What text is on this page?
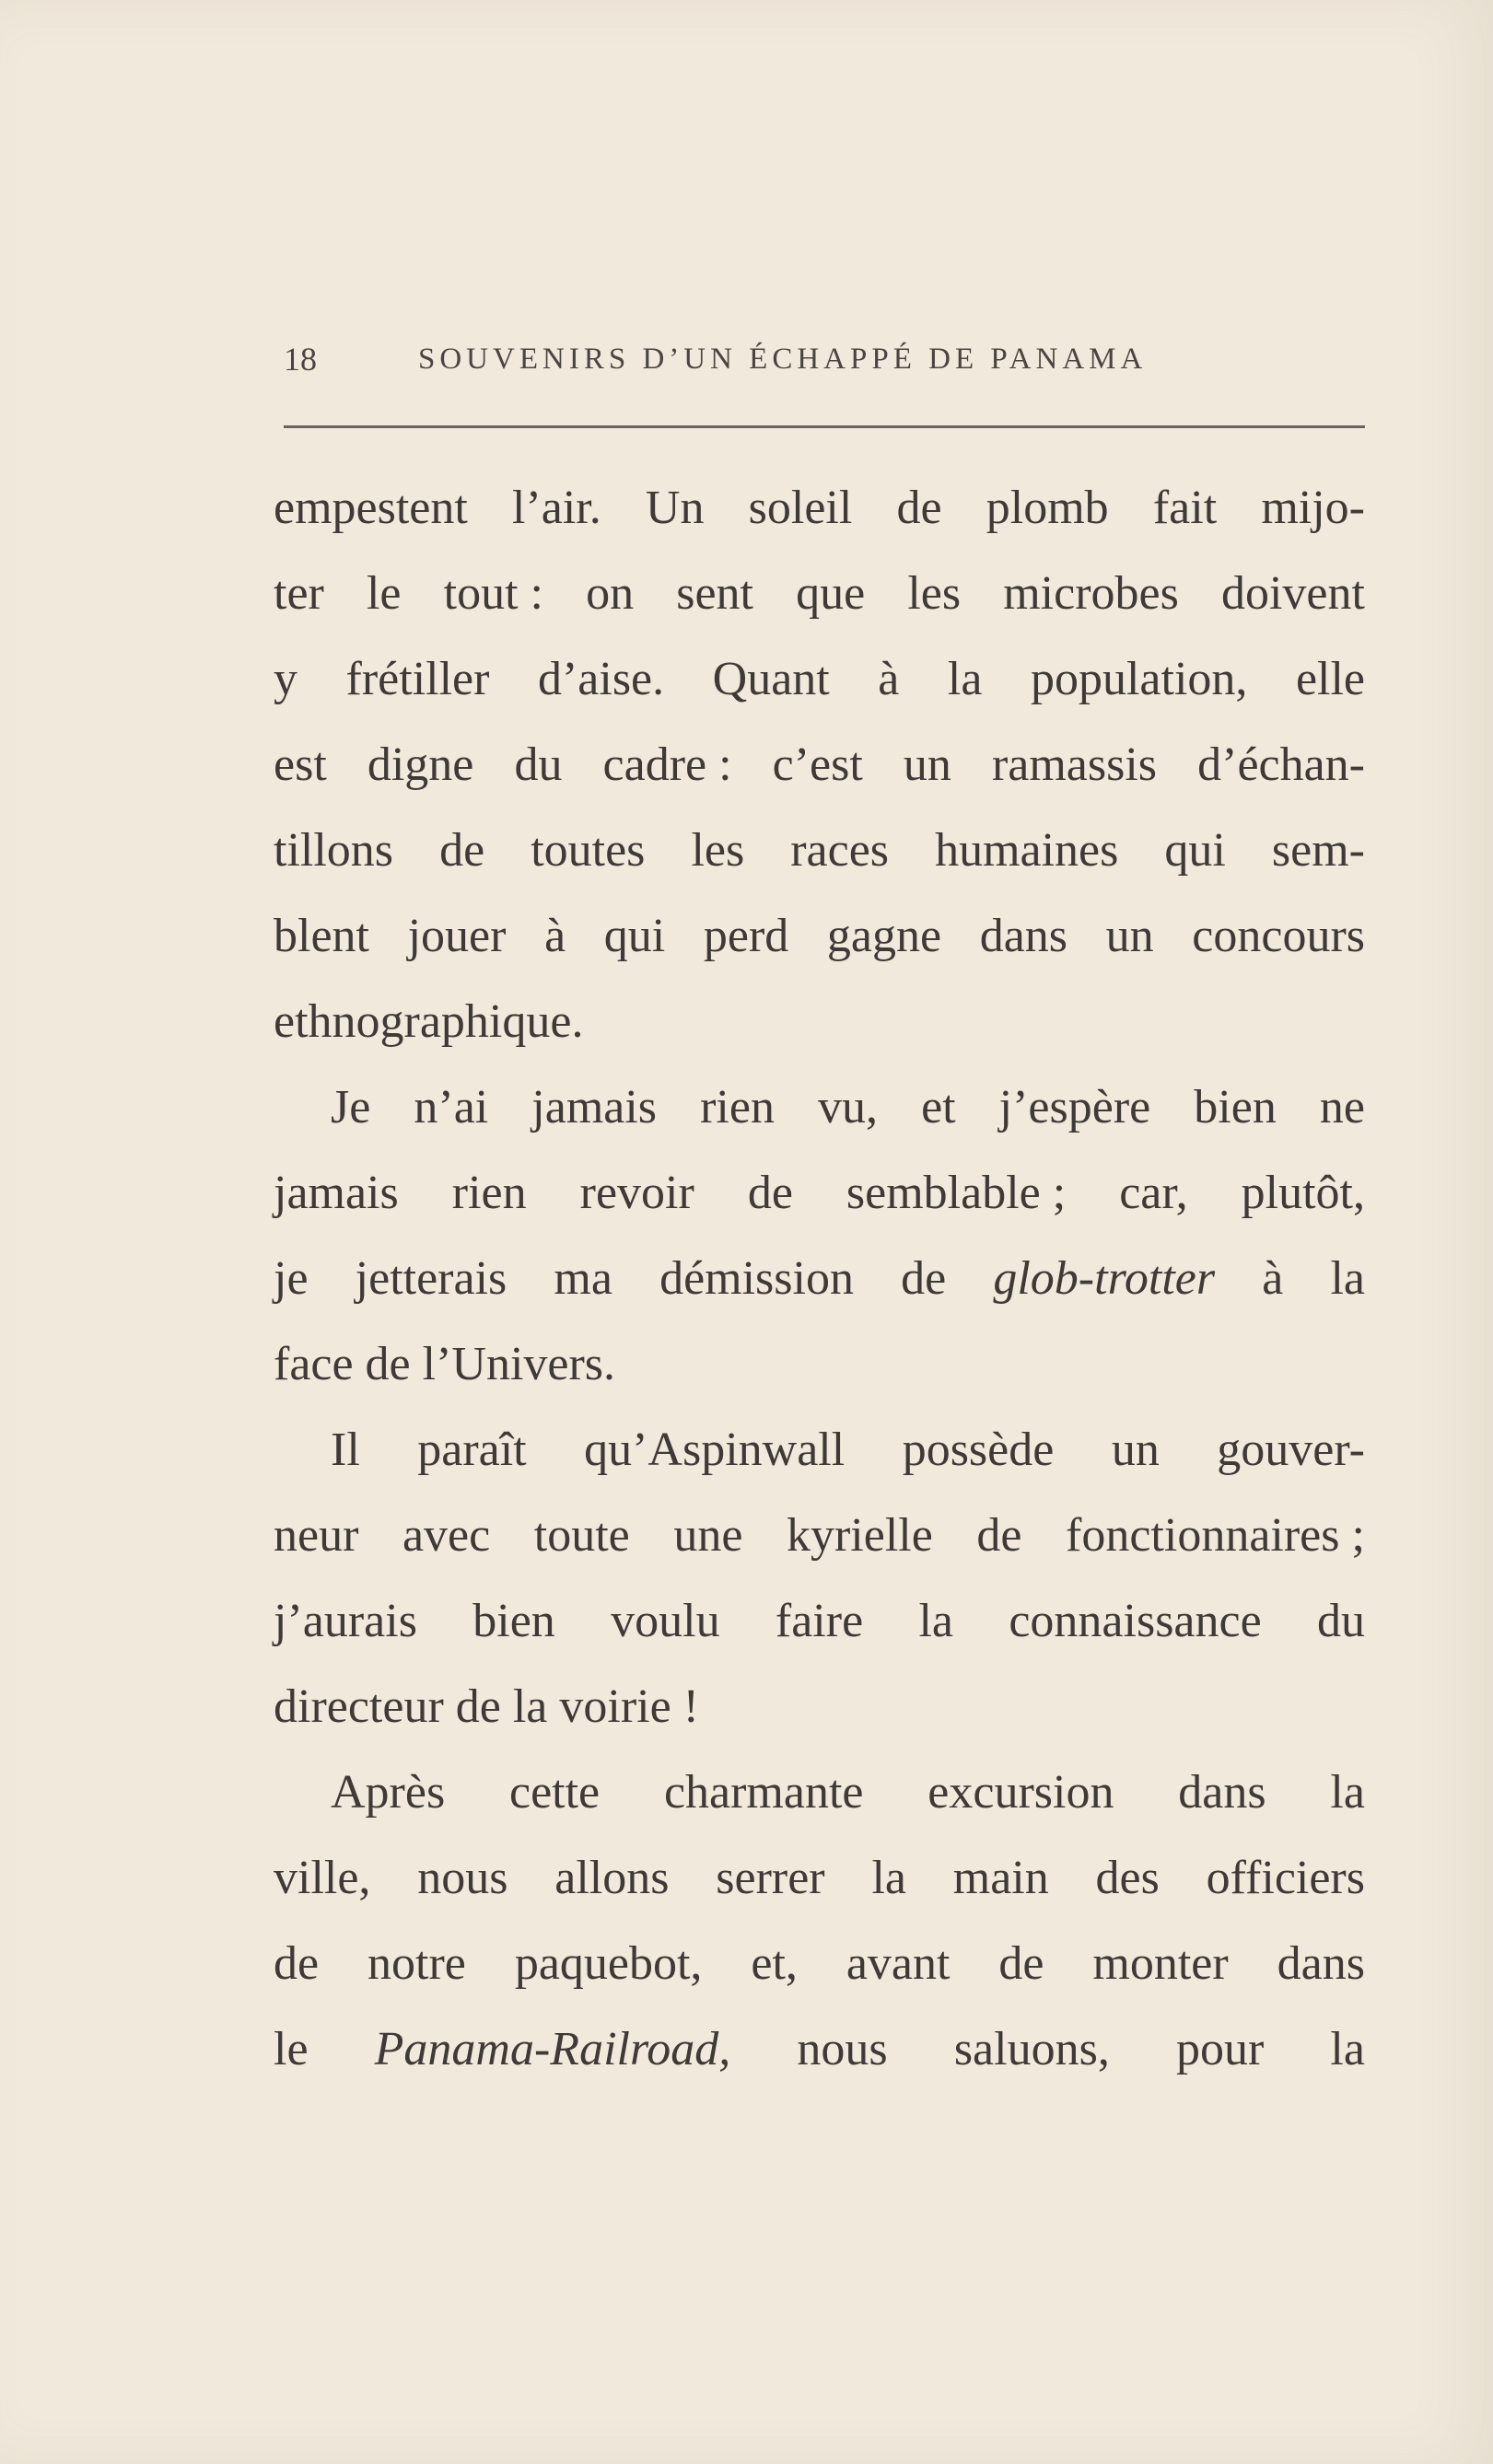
18	SOUVENIRS D’UN ÉCHAPPÉ DE PANAMA
empestent l’air. Un soleil de plomb fait mijo-
ter le tout : on sent que les microbes doivent
y frétiller d’aise. Quant à la population, elle
est digne du cadre : c’est un ramassis d’échan-
tillons de toutes les races humaines qui sem-
blent jouer à qui perd gagne dans un concours
ethnographique.
Je n’ai jamais rien vu, et j’espère bien ne
jamais rien revoir de semblable ; car, plutôt,
je jetterais ma démission de glob-trotter à la
face de l’Univers.
Il paraît qu’Aspinwall possède un gouver-
neur avec toute une kyrielle de fonctionnaires ;
j’aurais bien voulu faire la connaissance du
directeur de la voirie !
Après cette charmante excursion dans la
ville, nous allons serrer la main des officiers
de notre paquebot, et, avant de monter dans
le Panama-Railroad, nous saluons, pour la
